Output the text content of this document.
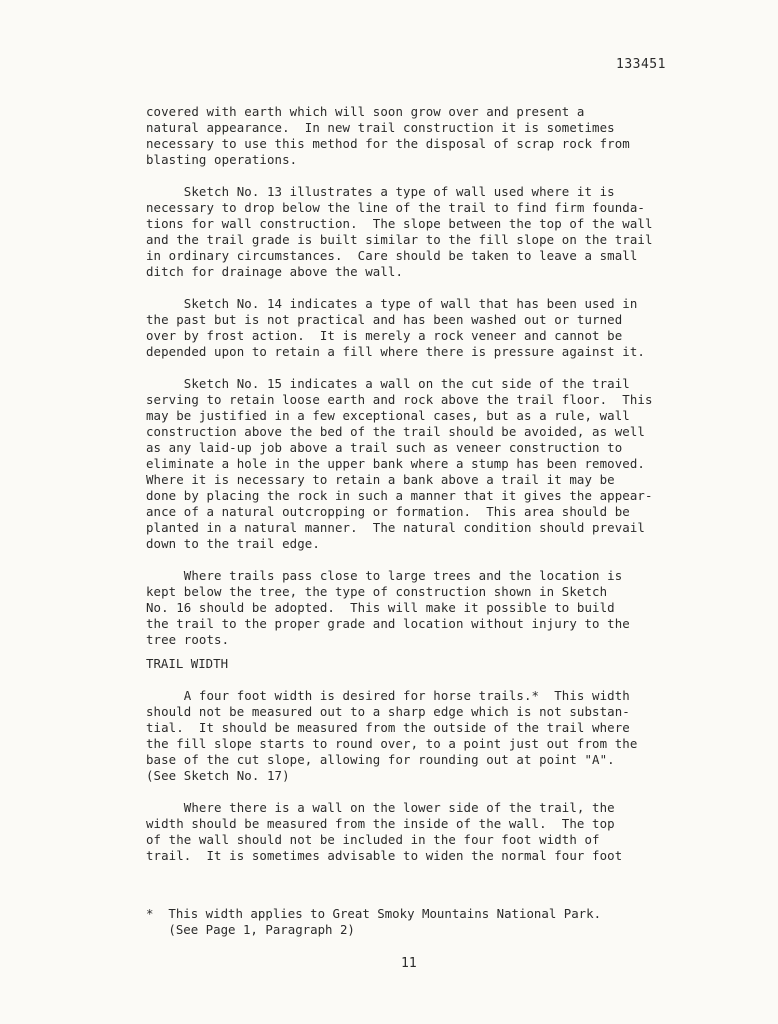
133451
covered with earth which will soon grow over and present a
natural appearance.  In new trail construction it is sometimes
necessary to use this method for the disposal of scrap rock from
blasting operations.
Sketch No. 13 illustrates a type of wall used where it is
necessary to drop below the line of the trail to find firm founda-
tions for wall construction.  The slope between the top of the wall
and the trail grade is built similar to the fill slope on the trail
in ordinary circumstances.  Care should be taken to leave a small
ditch for drainage above the wall.
Sketch No. 14 indicates a type of wall that has been used in
the past but is not practical and has been washed out or turned
over by frost action.  It is merely a rock veneer and cannot be
depended upon to retain a fill where there is pressure against it.
Sketch No. 15 indicates a wall on the cut side of the trail
serving to retain loose earth and rock above the trail floor.  This
may be justified in a few exceptional cases, but as a rule, wall
construction above the bed of the trail should be avoided, as well
as any laid-up job above a trail such as veneer construction to
eliminate a hole in the upper bank where a stump has been removed.
Where it is necessary to retain a bank above a trail it may be
done by placing the rock in such a manner that it gives the appear-
ance of a natural outcropping or formation.  This area should be
planted in a natural manner.  The natural condition should prevail
down to the trail edge.
Where trails pass close to large trees and the location is
kept below the tree, the type of construction shown in Sketch
No. 16 should be adopted.  This will make it possible to build
the trail to the proper grade and location without injury to the
tree roots.
TRAIL WIDTH
A four foot width is desired for horse trails.*  This width
should not be measured out to a sharp edge which is not substan-
tial.  It should be measured from the outside of the trail where
the fill slope starts to round over, to a point just out from the
base of the cut slope, allowing for rounding out at point "A".
(See Sketch No. 17)
Where there is a wall on the lower side of the trail, the
width should be measured from the inside of the wall.  The top
of the wall should not be included in the four foot width of
trail.  It is sometimes advisable to widen the normal four foot
*  This width applies to Great Smoky Mountains National Park.
(See Page 1, Paragraph 2)
11
